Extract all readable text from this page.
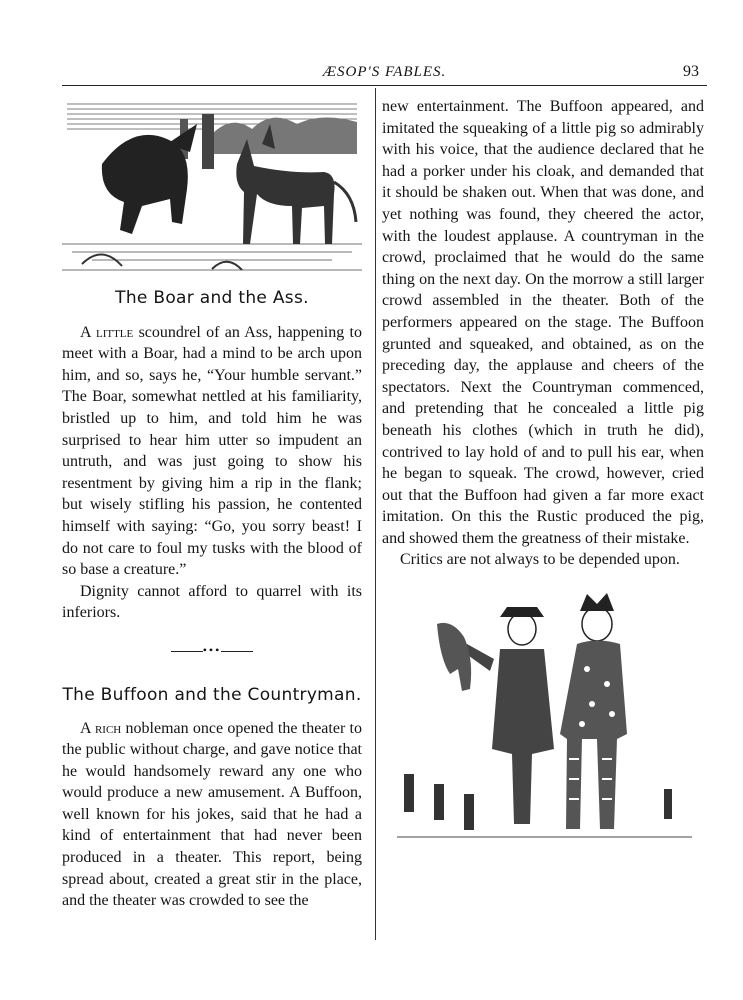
ÆSOP'S FABLES.	93
The Boar and the Ass.

A little scoundrel of an Ass, happening to meet with a Boar, had a mind to be arch upon him, and so, says he, “Your humble servant.” The Boar, somewhat nettled at his familiarity, bristled up to him, and told him he was surprised to hear him utter so impudent an untruth, and was just going to show his resentment by giving him a rip in the flank; but wisely stifling his passion, he contented himself with saying: “Go, you sorry beast! I do not care to foul my tusks with the blood of so base a creature.”

Dignity cannot afford to quarrel with its inferiors.

•••
The Buffoon and the Countryman.

A rich nobleman once opened the theater to the public without charge, and gave notice that he would handsomely reward any one who would produce a new amusement. A Buffoon, well known for his jokes, said that he had a kind of entertainment that had never been produced in a theater. This report, being spread about, created a great stir in the place, and the theater was crowded to see the

new entertainment. The Buffoon appeared, and imitated the squeaking of a little pig so admirably with his voice, that the audience declared that he had a porker under his cloak, and demanded that it should be shaken out. When that was done, and yet nothing was found, they cheered the actor, with the loudest applause. A countryman in the crowd, proclaimed that he would do the same thing on the next day. On the morrow a still larger crowd assembled in the theater. Both of the performers appeared on the stage. The Buffoon grunted and squeaked, and obtained, as on the preceding day, the applause and cheers of the spectators. Next the Countryman commenced, and pretending that he concealed a little pig beneath his clothes (which in truth he did), contrived to lay hold of and to pull his ear, when he began to squeak. The crowd, however, cried out that the Buffoon had given a far more exact imitation. On this the Rustic produced the pig, and showed them the greatness of their mistake.

Critics are not always to be depended upon.
